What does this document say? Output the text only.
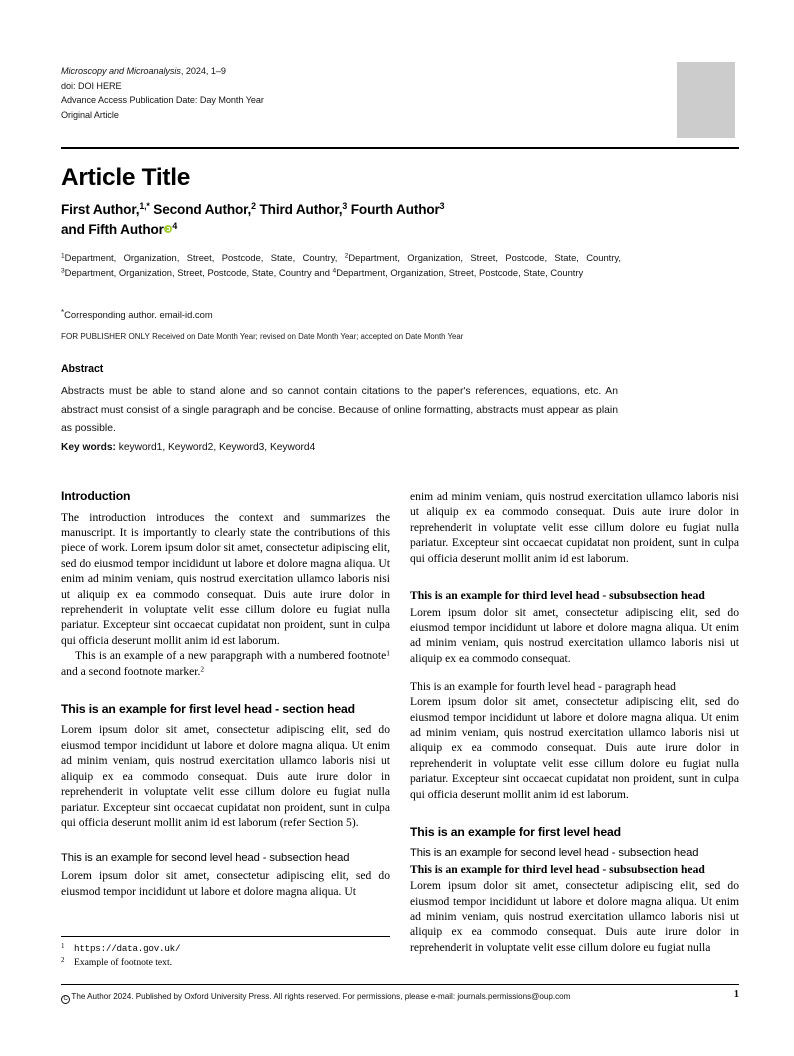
Microscopy and Microanalysis, 2024, 1–9
doi: DOI HERE
Advance Access Publication Date: Day Month Year
Original Article
Article Title

First Author,$^{1,*}$ Second Author,$^2$ Third Author,$^3$ Fourth Author$^3$
and Fifth Author $^4$

$^1$Department, Organization, Street, Postcode, State, Country, $^2$Department, Organization, Street, Postcode, State, Country, $^3$Department, Organization, Street, Postcode, State, Country and $^4$Department, Organization, Street, Postcode, State, Country
*Corresponding author. email-id.com
FOR PUBLISHER ONLY Received on Date Month Year; revised on Date Month Year; accepted on Date Month Year
Abstract
Abstracts must be able to stand alone and so cannot contain citations to the paper's references, equations, etc. An abstract must consist of a single paragraph and be concise. Because of online formatting, abstracts must appear as plain as possible.
Key words: keyword1, Keyword2, Keyword3, Keyword4
Introduction

The introduction introduces the context and summarizes the manuscript. It is importantly to clearly state the contributions of this piece of work. Lorem ipsum dolor sit amet, consectetur adipiscing elit, sed do eiusmod tempor incididunt ut labore et dolore magna aliqua. Ut enim ad minim veniam, quis nostrud exercitation ullamco laboris nisi ut aliquip ex ea commodo consequat. Duis aute irure dolor in reprehenderit in voluptate velit esse cillum dolore eu fugiat nulla pariatur. Excepteur sint occaecat cupidatat non proident, sunt in culpa qui officia deserunt mollit anim id est laborum.

This is an example of a new parapgraph with a numbered footnote$^1$ and a second footnote marker.$^2$

This is an example for first level head - section head

Lorem ipsum dolor sit amet, consectetur adipiscing elit, sed do eiusmod tempor incididunt ut labore et dolore magna aliqua. Ut enim ad minim veniam, quis nostrud exercitation ullamco laboris nisi ut aliquip ex ea commodo consequat. Duis aute irure dolor in reprehenderit in voluptate velit esse cillum dolore eu fugiat nulla pariatur. Excepteur sint occaecat cupidatat non proident, sunt in culpa qui officia deserunt mollit anim id est laborum (refer Section 5).

This is an example for second level head - subsection head

Lorem ipsum dolor sit amet, consectetur adipiscing elit, sed do eiusmod tempor incididunt ut labore et dolore magna aliqua. Ut

enim ad minim veniam, quis nostrud exercitation ullamco laboris nisi ut aliquip ex ea commodo consequat. Duis aute irure dolor in reprehenderit in voluptate velit esse cillum dolore eu fugiat nulla pariatur. Excepteur sint occaecat cupidatat non proident, sunt in culpa qui officia deserunt mollit anim id est laborum.

This is an example for third level head - subsubsection head

Lorem ipsum dolor sit amet, consectetur adipiscing elit, sed do eiusmod tempor incididunt ut labore et dolore magna aliqua. Ut enim ad minim veniam, quis nostrud exercitation ullamco laboris nisi ut aliquip ex ea commodo consequat.

This is an example for fourth level head - paragraph head

Lorem ipsum dolor sit amet, consectetur adipiscing elit, sed do eiusmod tempor incididunt ut labore et dolore magna aliqua. Ut enim ad minim veniam, quis nostrud exercitation ullamco laboris nisi ut aliquip ex ea commodo consequat. Duis aute irure dolor in reprehenderit in voluptate velit esse cillum dolore eu fugiat nulla pariatur. Excepteur sint occaecat cupidatat non proident, sunt in culpa qui officia deserunt mollit anim id est laborum.

This is an example for first level head
This is an example for second level head - subsection head
This is an example for third level head - subsubsection head

Lorem ipsum dolor sit amet, consectetur adipiscing elit, sed do eiusmod tempor incididunt ut labore et dolore magna aliqua. Ut enim ad minim veniam, quis nostrud exercitation ullamco laboris nisi ut aliquip ex ea commodo consequat. Duis aute irure dolor in reprehenderit in voluptate velit esse cillum dolore eu fugiat nulla

1 https://data.gov.uk/

2 Example of footnote text.

C The Author 2024. Published by Oxford University Press. All rights reserved. For permissions, please e-mail: journals.permissions@oup.com	1
